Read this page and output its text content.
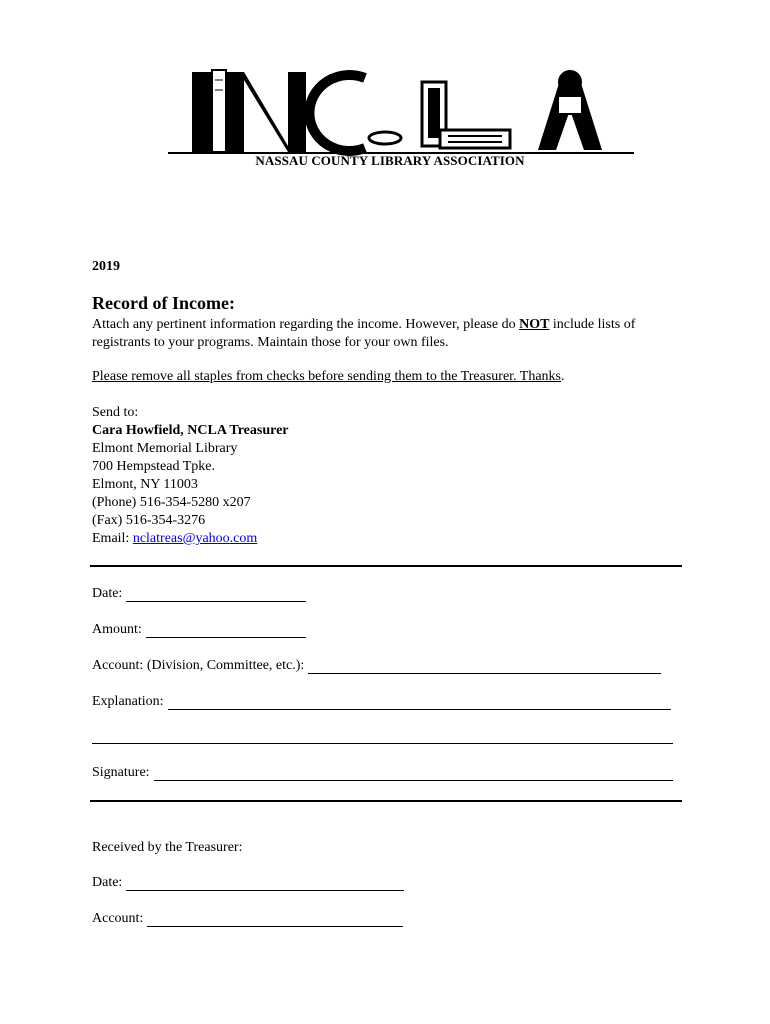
NASSAU COUNTY LIBRARY ASSOCIATION
2019
Record of Income:
Attach any pertinent information regarding the income. However, please do NOT include lists of registrants to your programs. Maintain those for your own files.
Please remove all staples from checks before sending them to the Treasurer. Thanks.
Send to:
Cara Howfield, NCLA Treasurer
Elmont Memorial Library
700 Hempstead Tpke.
Elmont, NY 11003
(Phone) 516-354-5280 x207
(Fax) 516-354-3276
Email: nclatreas@yahoo.com
Date:
Amount:
Account: (Division, Committee, etc.):
Explanation:
Signature:
Received by the Treasurer:
Date:
Account:
